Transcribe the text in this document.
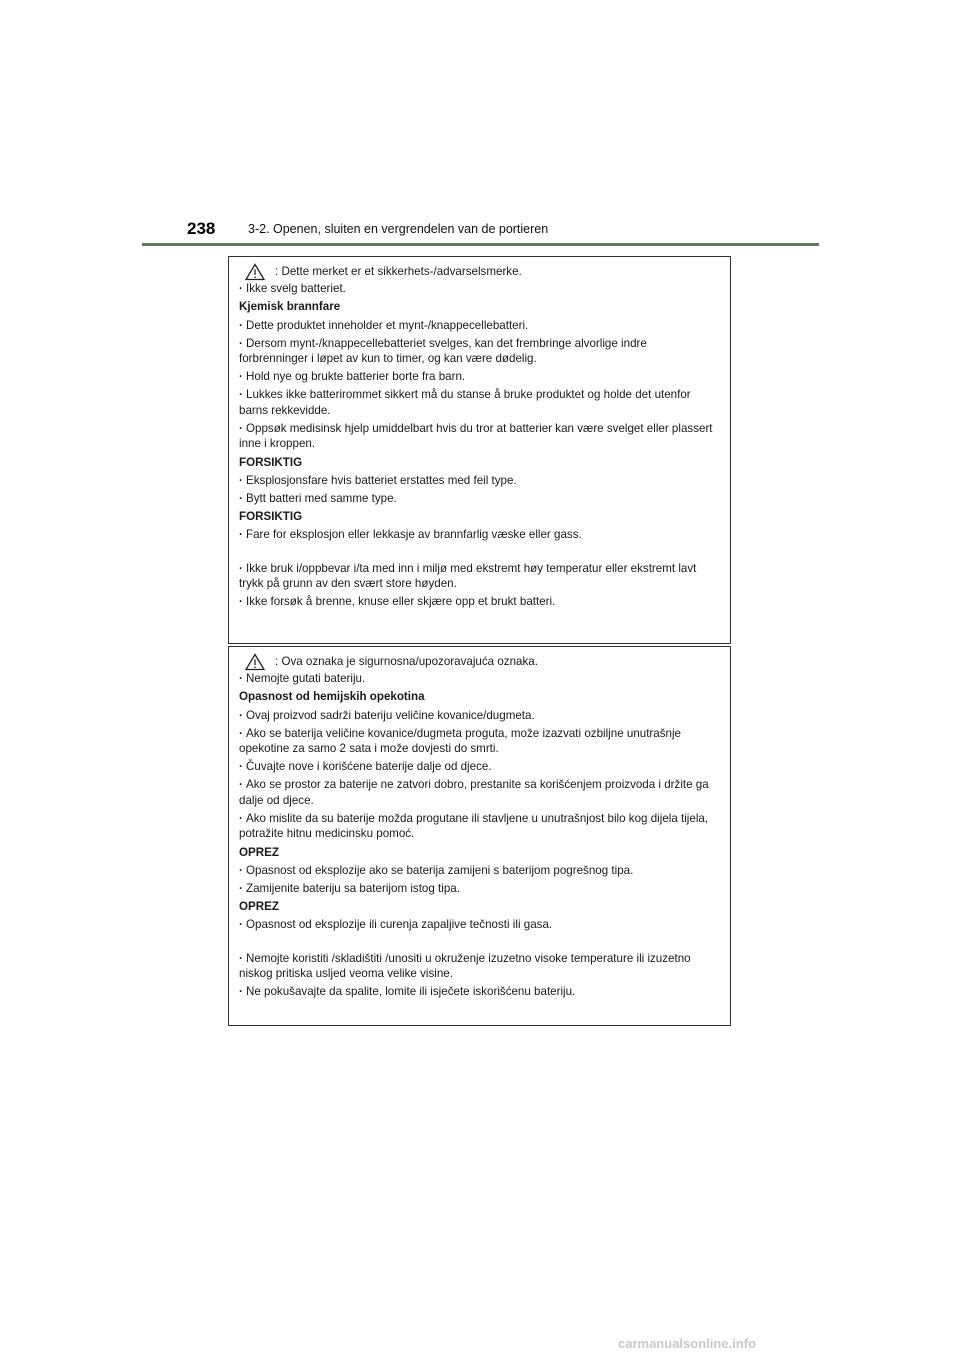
238	3-2. Openen, sluiten en vergrendelen van de portieren
: Dette merket er et sikkerhets-/advarselsmerke.

· Ikke svelg batteriet.

Kjemisk brannfare

· Dette produktet inneholder et mynt-/knappecellebatteri.

· Dersom mynt-/knappecellebatteriet svelges, kan det frembringe alvorlige indre forbrenninger i løpet av kun to timer, og kan være dødelig.

· Hold nye og brukte batterier borte fra barn.

· Lukkes ikke batterirommet sikkert må du stanse å bruke produktet og holde det utenfor barns rekkevidde.

· Oppsøk medisinsk hjelp umiddelbart hvis du tror at batterier kan være svelget eller plassert inne i kroppen.

FORSIKTIG

· Eksplosjonsfare hvis batteriet erstattes med feil type.

· Bytt batteri med samme type.

FORSIKTIG

· Fare for eksplosjon eller lekkasje av brannfarlig væske eller gass.

· Ikke bruk i/oppbevar i/ta med inn i miljø med ekstremt høy temperatur eller ekstremt lavt trykk på grunn av den svært store høyden.

· Ikke forsøk å brenne, knuse eller skjære opp et brukt batteri.

: Ova oznaka je sigurnosna/upozoravajuća oznaka.

· Nemojte gutati bateriju.

Opasnost od hemijskih opekotina

· Ovaj proizvod sadrži bateriju veličine kovanice/dugmeta.

· Ako se baterija veličine kovanice/dugmeta proguta, može izazvati ozbiljne unutrašnje opekotine za samo 2 sata i može dovjesti do smrti.

· Čuvajte nove i korišćene baterije dalje od djece.

· Ako se prostor za baterije ne zatvori dobro, prestanite sa korišćenjem proizvoda i držite ga dalje od djece.

· Ako mislite da su baterije možda progutane ili stavljene u unutrašnjost bilo kog dijela tijela, potražite hitnu medicinsku pomoć.

OPREZ

· Opasnost od eksplozije ako se baterija zamijeni s baterijom pogrešnog tipa.

· Zamijenite bateriju sa baterijom istog tipa.

OPREZ

· Opasnost od eksplozije ili curenja zapaljive tečnosti ili gasa.

· Nemojte koristiti /skladištiti /unositi u okruženje izuzetno visoke temperature ili izuzetno niskog pritiska usljed veoma velike visine.

· Ne pokušavajte da spalite, lomite ili isječete iskorišćenu bateriju.

carmanualsonline.info
